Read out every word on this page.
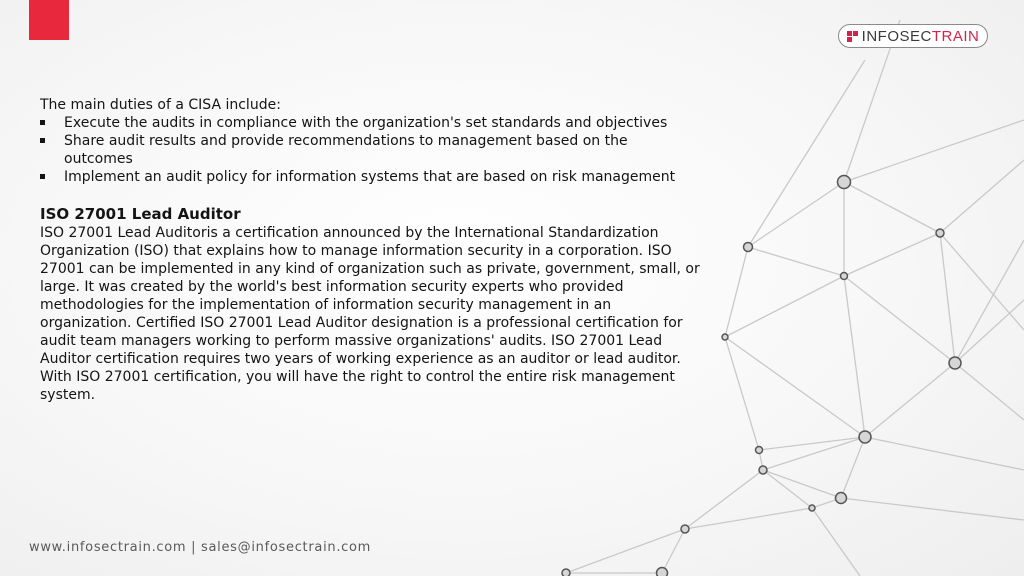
INFOSECTRAIN

The main duties of a CISA include:

Execute the audits in compliance with the organization's set standards and objectives
Share audit results and provide recommendations to management based on the outcomes
Implement an audit policy for information systems that are based on risk management

ISO 27001 Lead Auditor

ISO 27001 Lead Auditoris a certification announced by the International Standardization Organization (ISO) that explains how to manage information security in a corporation. ISO 27001 can be implemented in any kind of organization such as private, government, small, or large. It was created by the world's best information security experts who provided methodologies for the implementation of information security management in an organization. Certified ISO 27001 Lead Auditor designation is a professional certification for audit team managers working to perform massive organizations' audits. ISO 27001 Lead Auditor certification requires two years of working experience as an auditor or lead auditor. With ISO 27001 certification, you will have the right to control the entire risk management system.

www.infosectrain.com | sales@infosectrain.com
